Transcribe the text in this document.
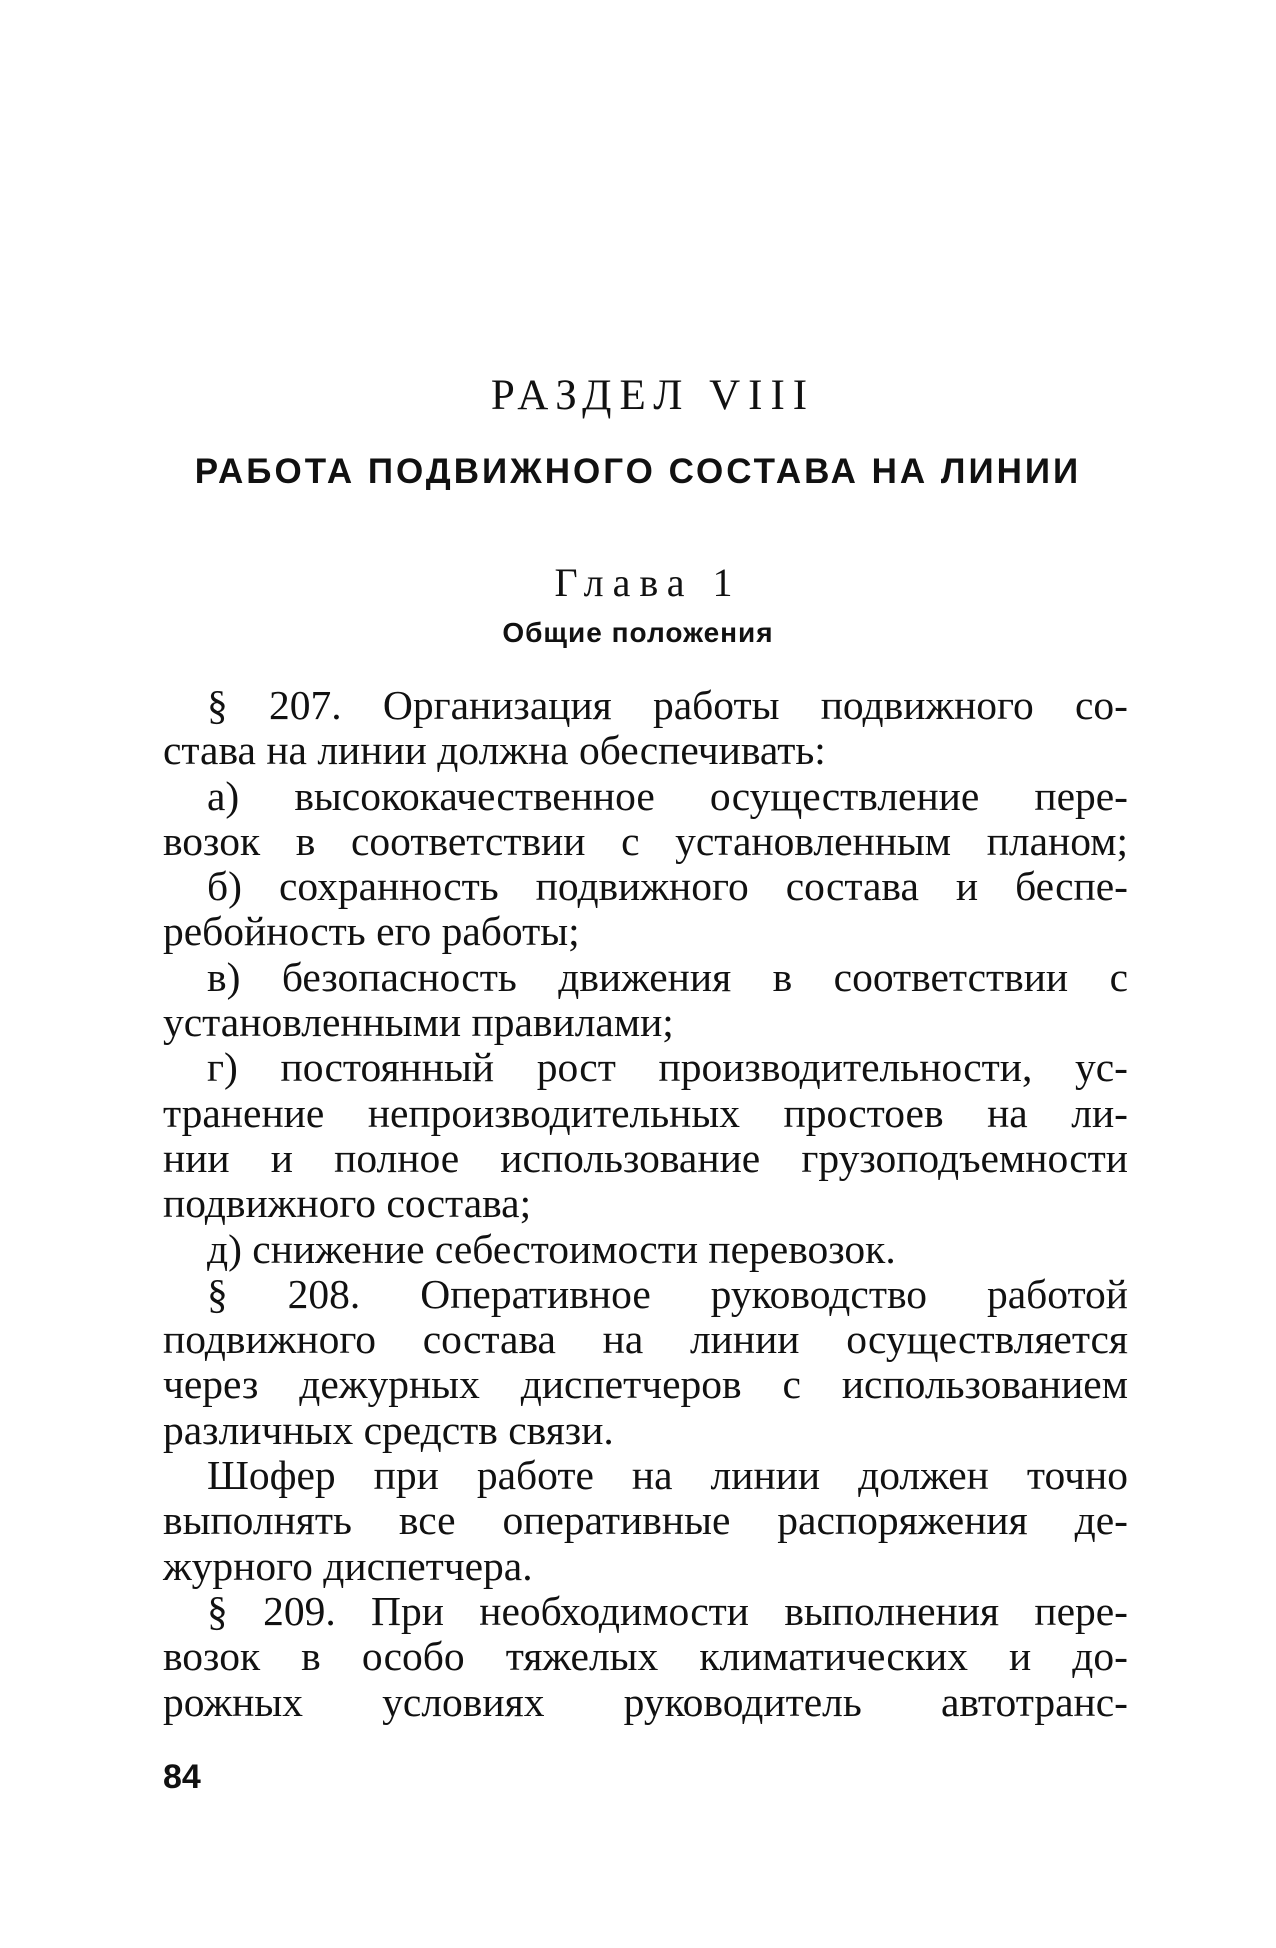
РАЗДЕЛ VIII
РАБОТА ПОДВИЖНОГО СОСТАВА НА ЛИНИИ
Глава 1
Общие положения
§ 207. Организация работы подвижного со-
става на линии должна обеспечивать:
а) высококачественное осуществление пере-
возок в соответствии с установленным планом;
б) сохранность подвижного состава и беспе-
ребойность его работы;
в) безопасность движения в соответствии с
установленными правилами;
г) постоянный рост производительности, ус-
транение непроизводительных простоев на ли-
нии и полное использование грузоподъемности
подвижного состава;
д) снижение себестоимости перевозок.
§ 208. Оперативное руководство работой
подвижного состава на линии осуществляется
через дежурных диспетчеров с использованием
различных средств связи.
Шофер при работе на линии должен точно
выполнять все оперативные распоряжения де-
журного диспетчера.
§ 209. При необходимости выполнения пере-
возок в особо тяжелых климатических и до-
рожных условиях руководитель автотранс-
84
